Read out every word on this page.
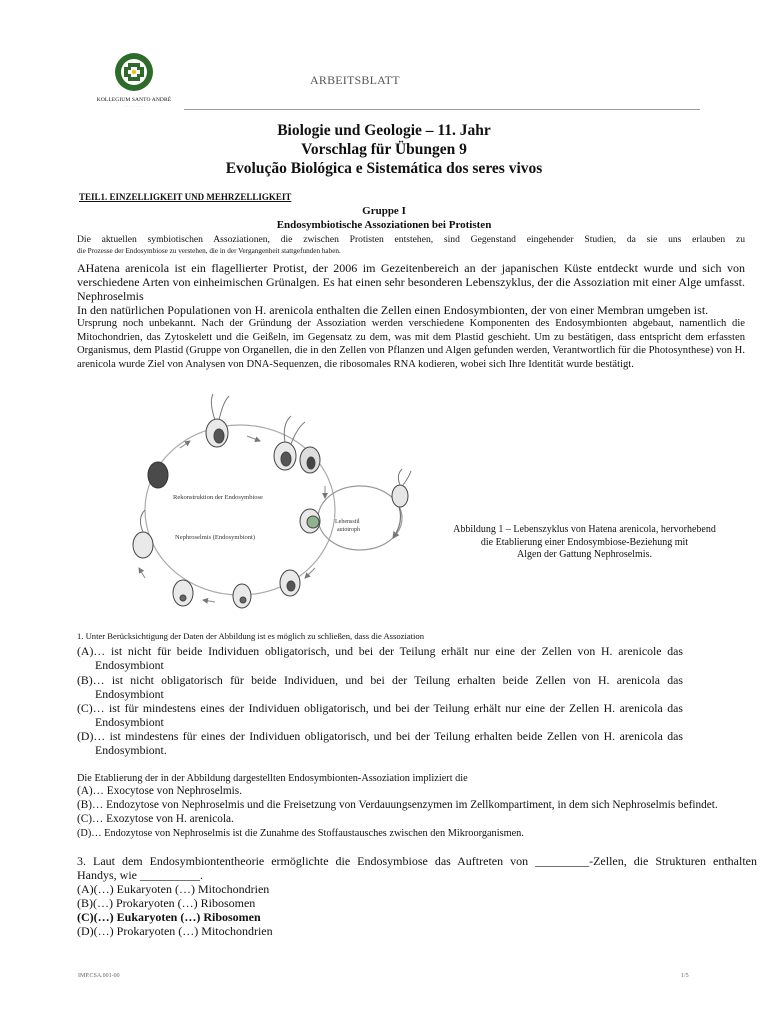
KOLLEGIUM SANTO ANDRÉ
· · · · · · · · ·
ARBEITSBLATT
Biologie und Geologie – 11. Jahr
Vorschlag für Übungen 9
Evolução Biológica e Sistemática dos seres vivos
TEIL1. EINZELLIGKEIT UND MEHRZELLIGKEIT
Gruppe I
Endosymbiotische Assoziationen bei Protisten
Die aktuellen symbiotischen Assoziationen, die zwischen Protisten entstehen, sind Gegenstand eingehender Studien, da sie uns erlauben zu
die Prozesse der Endosymbiose zu verstehen, die in der Vergangenheit stattgefunden haben.
AHatena arenicola ist ein flagellierter Protist, der 2006 im Gezeitenbereich an der japanischen Küste entdeckt wurde und sich von verschiedene Arten von einheimischen Grünalgen. Es hat einen sehr besonderen Lebenszyklus, der die Assoziation mit einer Alge umfasst. Nephroselmis
In den natürlichen Populationen von H. arenicola enthalten die Zellen einen Endosymbionten, der von einer Membran umgeben ist.
Ursprung noch unbekannt. Nach der Gründung der Assoziation werden verschiedene Komponenten des Endosymbionten abgebaut, namentlich die Mitochondrien, das Zytoskelett und die Geißeln, im Gegensatz zu dem, was mit dem Plastid geschieht. Um zu bestätigen, dass entspricht dem erfassten Organismus, dem Plastid (Gruppe von Organellen, die in den Zellen von Pflanzen und Algen gefunden werden, Verantwortlich für die Photosynthese) von H. arenicola wurde Ziel von Analysen von DNA-Sequenzen, die ribosomales RNA kodieren, wobei sich Ihre Identität wurde bestätigt.
Rekonstruktion der Endosymbiose
Nephroselmis (Endosymbiont)
Lebensstil
autotroph	Abbildung 1 – Lebenszyklus von Hatena arenicola, hervorhebend
die Etablierung einer Endosymbiose-Beziehung mit
Algen der Gattung Nephroselmis.
1. Unter Berücksichtigung der Daten der Abbildung ist es möglich zu schließen, dass die Assoziation
(A)… ist nicht für beide Individuen obligatorisch, und bei der Teilung erhält nur eine der Zellen von H. arenicole das
Endosymbiont
(B)… ist nicht obligatorisch für beide Individuen, und bei der Teilung erhalten beide Zellen von H. arenicola das
Endosymbiont
(C)… ist für mindestens eines der Individuen obligatorisch, und bei der Teilung erhält nur eine der Zellen H. arenicola das
Endosymbiont
(D)… ist mindestens für eines der Individuen obligatorisch, und bei der Teilung erhalten beide Zellen von H. arenicola das
Endosymbiont.
Die Etablierung der in der Abbildung dargestellten Endosymbionten-Assoziation impliziert die
(A)… Exocytose von Nephroselmis.
(B)… Endozytose von Nephroselmis und die Freisetzung von Verdauungsenzymen im Zellkompartiment, in dem sich Nephroselmis befindet.
(C)… Exozytose von H. arenicola.
(D)… Endozytose von Nephroselmis ist die Zunahme des Stoffaustausches zwischen den Mikroorganismen.
3. Laut dem Endosymbiontentheorie ermöglichte die Endosymbiose das Auftreten von _________-Zellen, die Strukturen enthalten
Handys, wie __________.
(A)(…) Eukaryoten (…) Mitochondrien
(B)(…) Prokaryoten (…) Ribosomen
(C)(…) Eukaryoten (…) Ribosomen
(D)(…) Prokaryoten (…) Mitochondrien
IMP.CSA.001-00	1/5
